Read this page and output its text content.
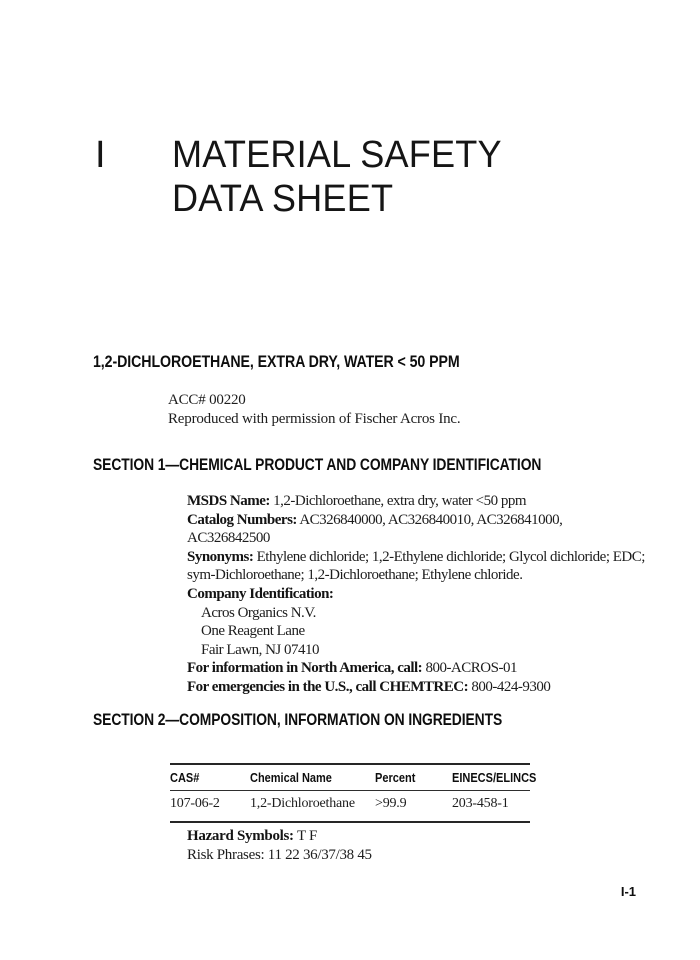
I MATERIAL SAFETY
DATA SHEET
1,2-DICHLOROETHANE, EXTRA DRY, WATER < 50 PPM
ACC# 00220
Reproduced with permission of Fischer Acros Inc.
SECTION 1—CHEMICAL PRODUCT AND COMPANY IDENTIFICATION
MSDS Name: 1,2-Dichloroethane, extra dry, water <50 ppm
Catalog Numbers: AC326840000, AC326840010, AC326841000,
AC326842500
Synonyms: Ethylene dichloride; 1,2-Ethylene dichloride; Glycol dichloride; EDC;
sym-Dichloroethane; 1,2-Dichloroethane; Ethylene chloride.
Company Identification:
Acros Organics N.V.
One Reagent Lane
Fair Lawn, NJ 07410
For information in North America, call: 800-ACROS-01
For emergencies in the U.S., call CHEMTREC: 800-424-9300
SECTION 2—COMPOSITION, INFORMATION ON INGREDIENTS
CAS#	Chemical Name	Percent	EINECS/ELINCS
107-06-2	1,2-Dichloroethane	>99.9	203-458-1
Hazard Symbols: T F
Risk Phrases: 11 22 36/37/38 45
I-1
